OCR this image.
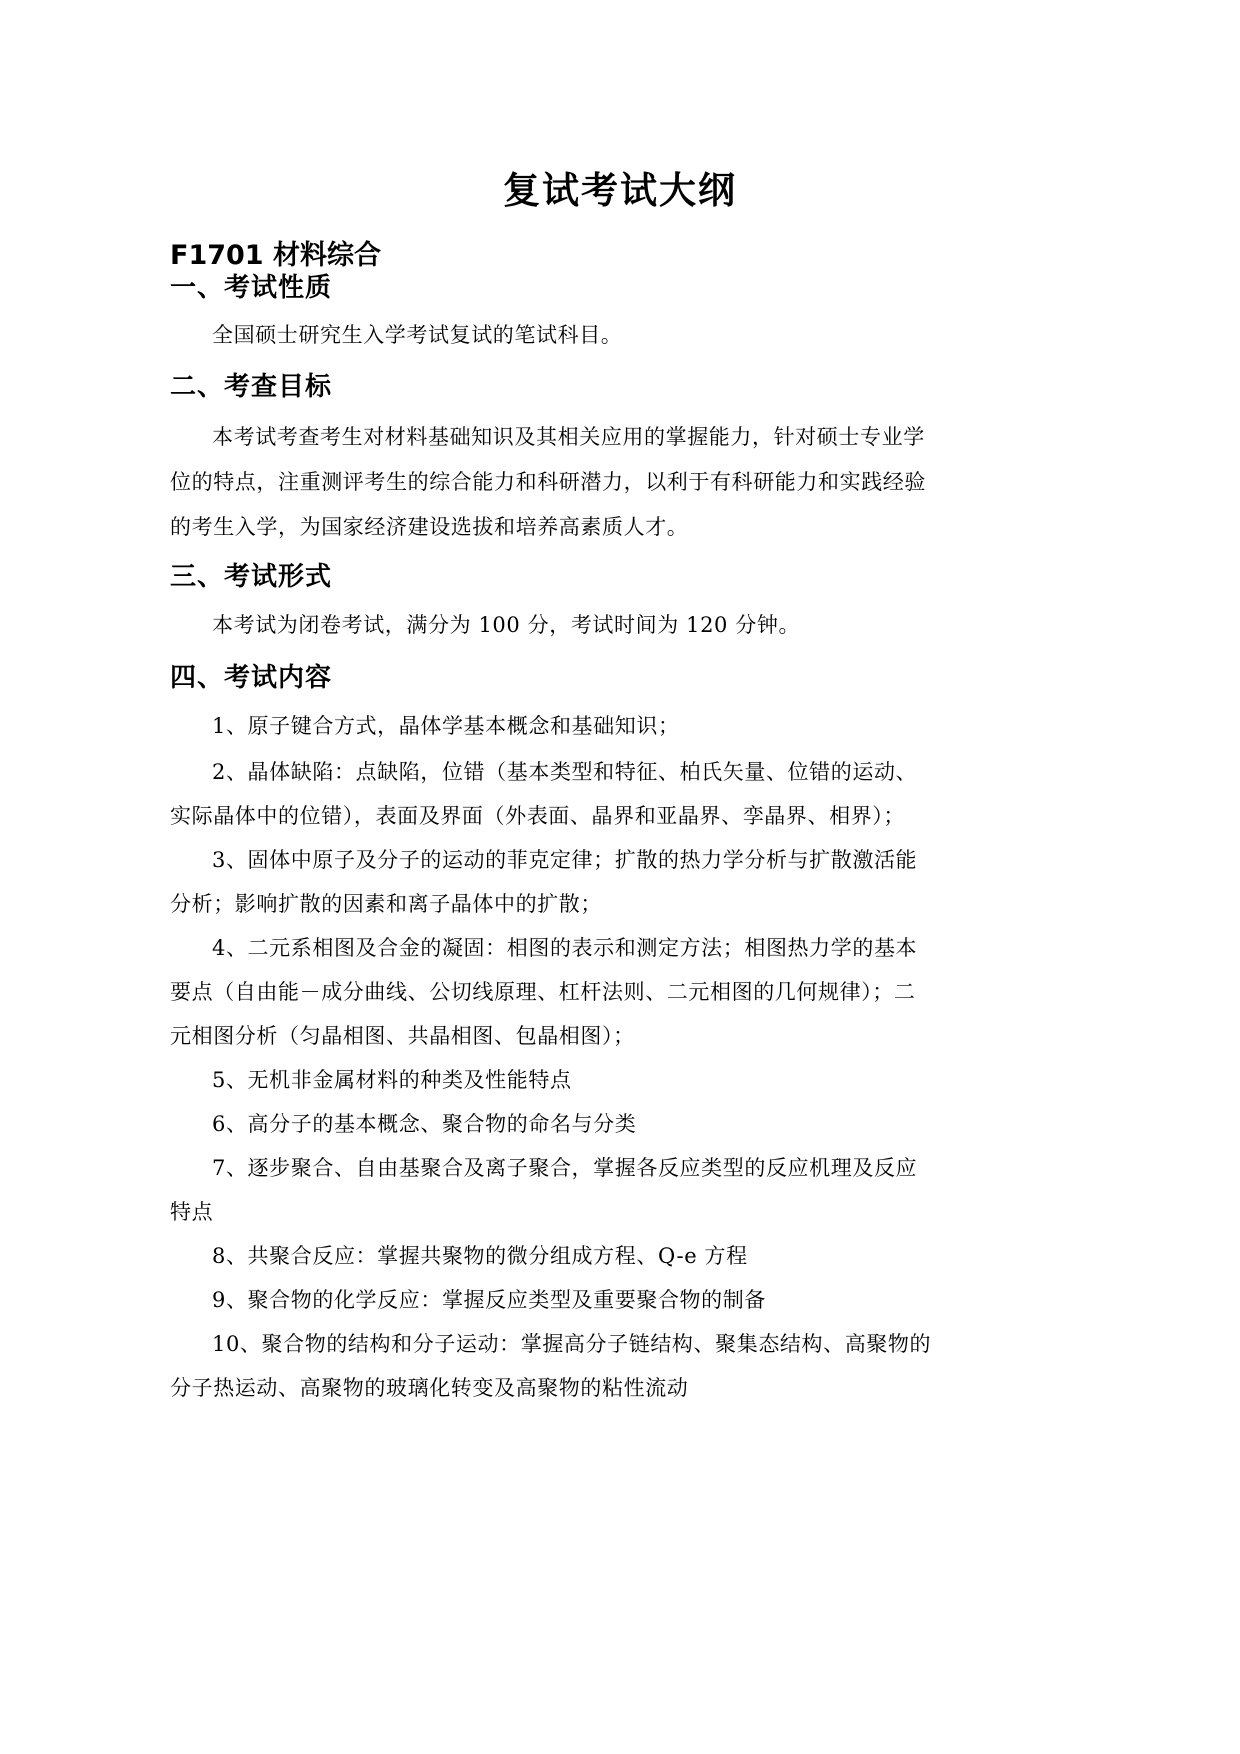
复试考试大纲
F1701 材料综合
一、考试性质
全国硕士研究生入学考试复试的笔试科目。
二、考查目标
本考试考查考生对材料基础知识及其相关应用的掌握能力，针对硕士专业学
位的特点，注重测评考生的综合能力和科研潜力，以利于有科研能力和实践经验
的考生入学，为国家经济建设选拔和培养高素质人才。
三、考试形式
本考试为闭卷考试，满分为 100 分，考试时间为 120 分钟。
四、考试内容
1、原子键合方式，晶体学基本概念和基础知识；
2、晶体缺陷：点缺陷，位错（基本类型和特征、柏氏矢量、位错的运动、
实际晶体中的位错），表面及界面（外表面、晶界和亚晶界、孪晶界、相界）；
3、固体中原子及分子的运动的菲克定律；扩散的热力学分析与扩散激活能
分析；影响扩散的因素和离子晶体中的扩散；
4、二元系相图及合金的凝固：相图的表示和测定方法；相图热力学的基本
要点（自由能－成分曲线、公切线原理、杠杆法则、二元相图的几何规律）；二
元相图分析（匀晶相图、共晶相图、包晶相图）；
5、无机非金属材料的种类及性能特点
6、高分子的基本概念、聚合物的命名与分类
7、逐步聚合、自由基聚合及离子聚合，掌握各反应类型的反应机理及反应
特点
8、共聚合反应：掌握共聚物的微分组成方程、Q-e 方程
9、聚合物的化学反应：掌握反应类型及重要聚合物的制备
10、聚合物的结构和分子运动：掌握高分子链结构、聚集态结构、高聚物的
分子热运动、高聚物的玻璃化转变及高聚物的粘性流动
